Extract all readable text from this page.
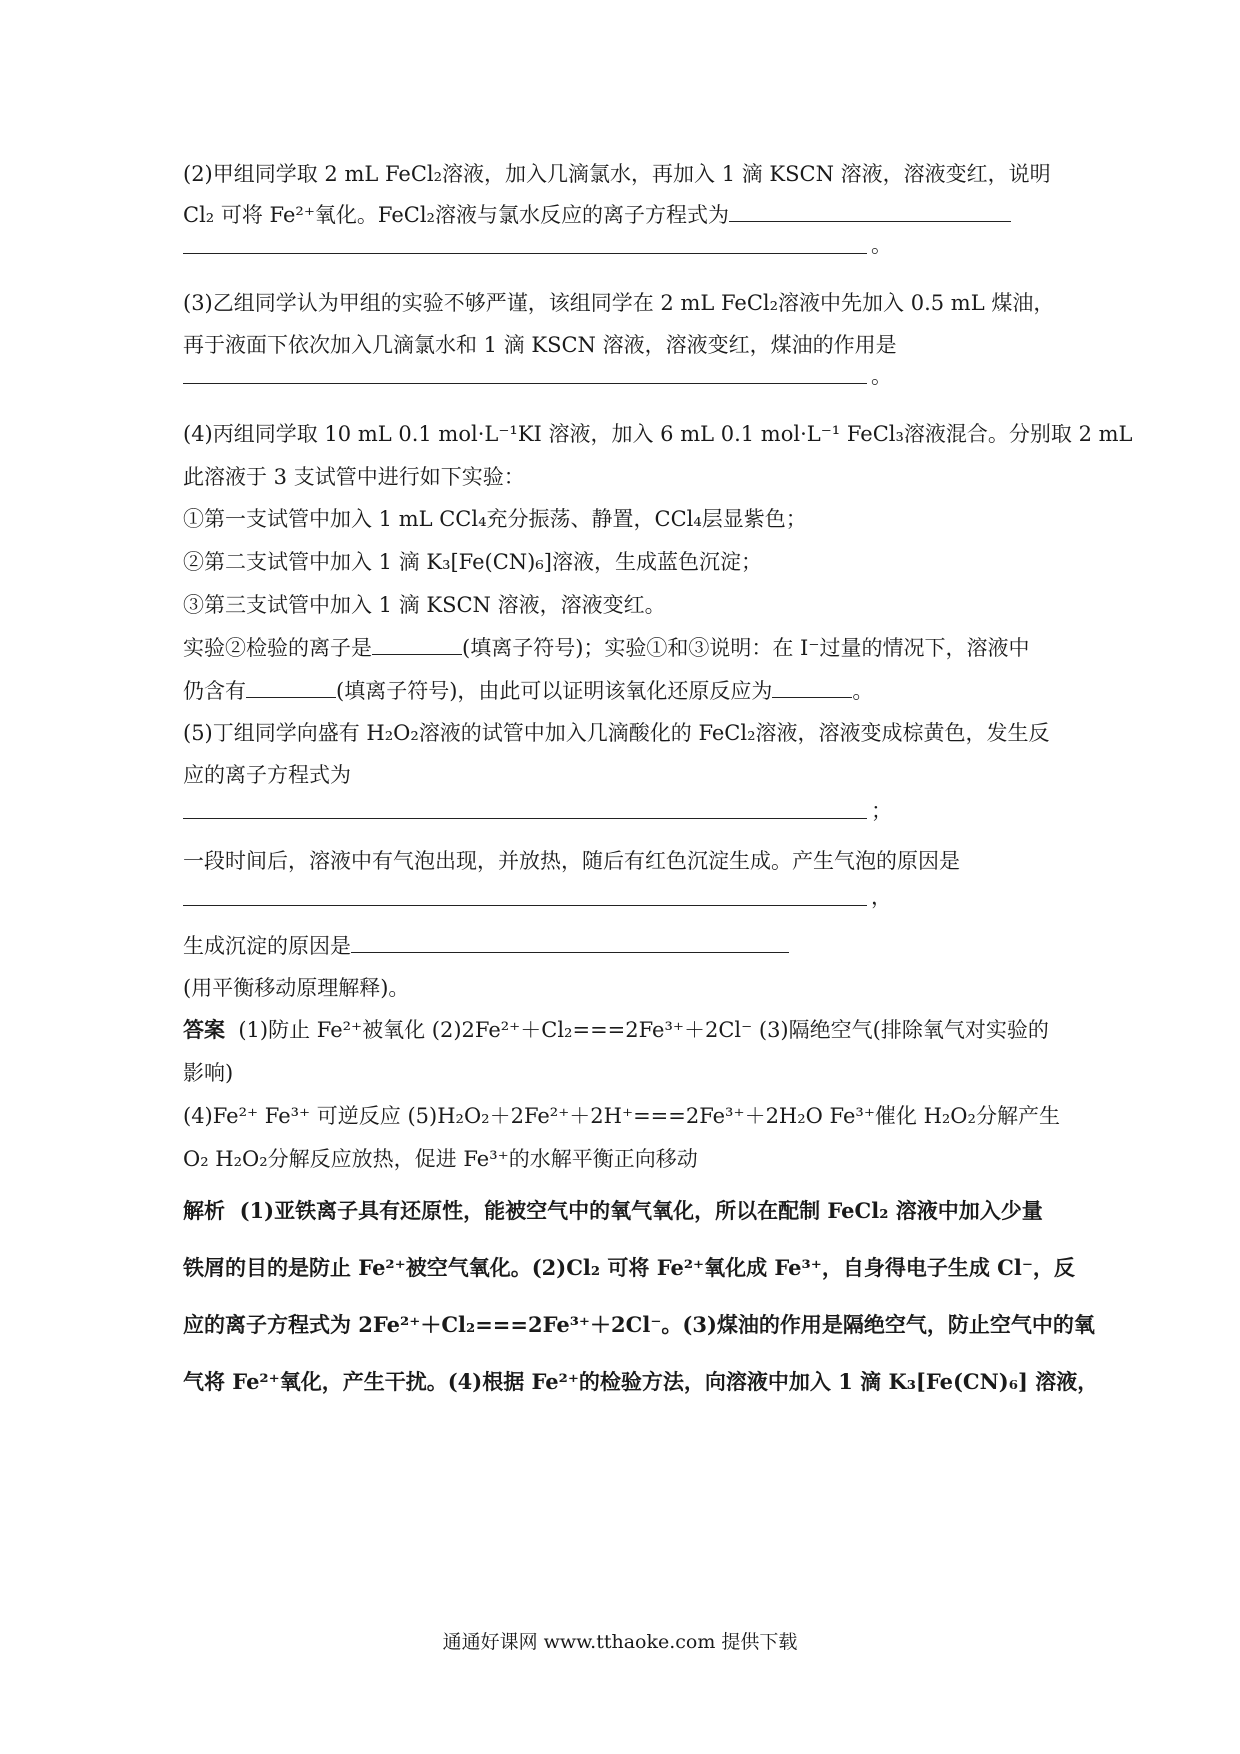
(2)甲组同学取 2 mL FeCl₂溶液，加入几滴氯水，再加入 1 滴 KSCN 溶液，溶液变红，说明
Cl₂ 可将 Fe²⁺氧化。FeCl₂溶液与氯水反应的离子方程式为
。
(3)乙组同学认为甲组的实验不够严谨，该组同学在 2 mL FeCl₂溶液中先加入 0.5 mL 煤油，
再于液面下依次加入几滴氯水和 1 滴 KSCN 溶液，溶液变红，煤油的作用是
。
(4)丙组同学取 10 mL 0.1 mol·L⁻¹KI 溶液，加入 6 mL 0.1 mol·L⁻¹ FeCl₃溶液混合。分别取 2 mL
此溶液于 3 支试管中进行如下实验：
①第一支试管中加入 1 mL CCl₄充分振荡、静置，CCl₄层显紫色；
②第二支试管中加入 1 滴 K₃[Fe(CN)₆]溶液，生成蓝色沉淀；
③第三支试管中加入 1 滴 KSCN 溶液，溶液变红。
实验②检验的离子是	(填离子符号)；实验①和③说明：在 I⁻过量的情况下，溶液中
仍含有	(填离子符号)，由此可以证明该氧化还原反应为	。
(5)丁组同学向盛有 H₂O₂溶液的试管中加入几滴酸化的 FeCl₂溶液，溶液变成棕黄色，发生反
应的离子方程式为
；
一段时间后，溶液中有气泡出现，并放热，随后有红色沉淀生成。产生气泡的原因是
，
生成沉淀的原因是
(用平衡移动原理解释)。
答案 (1)防止 Fe²⁺被氧化 (2)2Fe²⁺＋Cl₂===2Fe³⁺＋2Cl⁻ (3)隔绝空气(排除氧气对实验的
影响)
(4)Fe²⁺ Fe³⁺ 可逆反应 (5)H₂O₂＋2Fe²⁺＋2H⁺===2Fe³⁺＋2H₂O Fe³⁺催化 H₂O₂分解产生
O₂ H₂O₂分解反应放热，促进 Fe³⁺的水解平衡正向移动
解析 (1)亚铁离子具有还原性，能被空气中的氧气氧化，所以在配制 FeCl₂ 溶液中加入少量
铁屑的目的是防止 Fe²⁺被空气氧化。(2)Cl₂ 可将 Fe²⁺氧化成 Fe³⁺，自身得电子生成 Cl⁻，反
应的离子方程式为 2Fe²⁺＋Cl₂===2Fe³⁺＋2Cl⁻。(3)煤油的作用是隔绝空气，防止空气中的氧
气将 Fe²⁺氧化，产生干扰。(4)根据 Fe²⁺的检验方法，向溶液中加入 1 滴 K₃[Fe(CN)₆] 溶液，
通通好课网 www.tthaoke.com 提供下载
